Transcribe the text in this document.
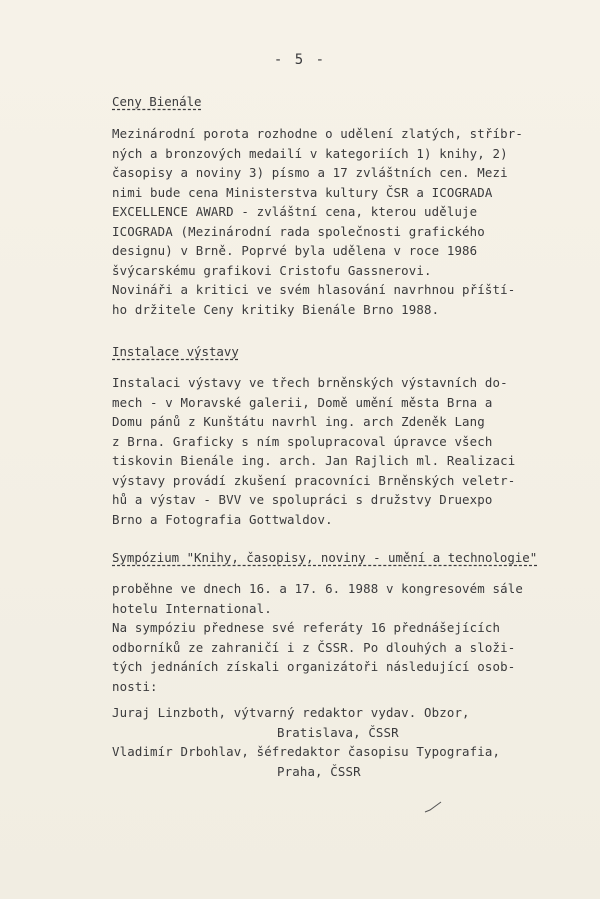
- 5 -
Ceny Bienále
Mezinárodní porota rozhodne o udělení zlatých, stříbr-
ných a bronzových medailí v kategoriích 1) knihy, 2)
časopisy a noviny 3) písmo a 17 zvláštních cen. Mezi
nimi bude cena Ministerstva kultury ČSR a ICOGRADA
EXCELLENCE AWARD - zvláštní cena, kterou uděluje
ICOGRADA (Mezinárodní rada společnosti grafického
designu) v Brně. Poprvé byla udělena v roce 1986
švýcarskému grafikovi Cristofu Gassnerovi.
Novináři a kritici ve svém hlasování navrhnou příští-
ho držitele Ceny kritiky Bienále Brno 1988.
Instalace výstavy
Instalaci výstavy ve třech brněnských výstavních do-
mech - v Moravské galerii, Domě umění města Brna a
Domu pánů z Kunštátu navrhl ing. arch Zdeněk Lang
z Brna. Graficky s ním spolupracoval úpravce všech
tiskovin Bienále ing. arch. Jan Rajlich ml. Realizaci
výstavy provádí zkušení pracovníci Brněnských veletr-
hů a výstav - BVV ve spolupráci s družstvy Druexpo
Brno a Fotografia Gottwaldov.
Sympózium "Knihy, časopisy, noviny - umění a technologie"
proběhne ve dnech 16. a 17. 6. 1988 v kongresovém sále
hotelu International.
Na sympóziu přednese své referáty 16 přednášejících
odborníků ze zahraničí i z ČSSR. Po dlouhých a složi-
tých jednáních získali organizátoři následující osob-
nosti:
Juraj Linzboth, výtvarný redaktor vydav. Obzor,
Bratislava, ČSSR
Vladimír Drbohlav, šéfredaktor časopisu Typografia,
Praha, ČSSR
